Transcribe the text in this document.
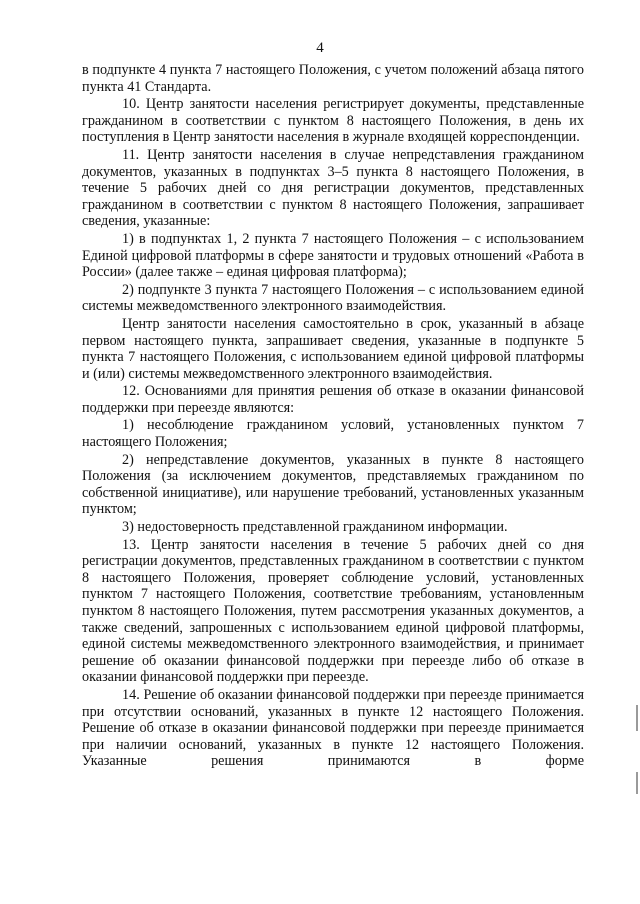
4

в подпункте 4 пункта 7 настоящего Положения, с учетом положений абзаца пятого пункта 41 Стандарта.

10. Центр занятости населения регистрирует документы, представленные гражданином в соответствии с пунктом 8 настоящего Положения, в день их поступления в Центр занятости населения в журнале входящей корреспонденции.

11. Центр занятости населения в случае непредставления гражданином документов, указанных в подпунктах 3–5 пункта 8 настоящего Положения, в течение 5 рабочих дней со дня регистрации документов, представленных гражданином в соответствии с пунктом 8 настоящего Положения, запрашивает сведения, указанные:

1) в подпунктах 1, 2 пункта 7 настоящего Положения – с использованием Единой цифровой платформы в сфере занятости и трудовых отношений «Работа в России» (далее также – единая цифровая платформа);

2) подпункте 3 пункта 7 настоящего Положения – с использованием единой системы межведомственного электронного взаимодействия.

Центр занятости населения самостоятельно в срок, указанный в абзаце первом настоящего пункта, запрашивает сведения, указанные в подпункте 5 пункта 7 настоящего Положения, с использованием единой цифровой платформы и (или) системы межведомственного электронного взаимодействия.

12. Основаниями для принятия решения об отказе в оказании финансовой поддержки при переезде являются:

1) несоблюдение гражданином условий, установленных пунктом 7 настоящего Положения;

2) непредставление документов, указанных в пункте 8 настоящего Положения (за исключением документов, представляемых гражданином по собственной инициативе), или нарушение требований, установленных указанным пунктом;

3) недостоверность представленной гражданином информации.

13. Центр занятости населения в течение 5 рабочих дней со дня регистрации документов, представленных гражданином в соответствии с пунктом 8 настоящего Положения, проверяет соблюдение условий, установленных пунктом 7 настоящего Положения, соответствие требованиям, установленным пунктом 8 настоящего Положения, путем рассмотрения указанных документов, а также сведений, запрошенных с использованием единой цифровой платформы, единой системы межведомственного электронного взаимодействия, и принимает решение об оказании финансовой поддержки при переезде либо об отказе в оказании финансовой поддержки при переезде.

14. Решение об оказании финансовой поддержки при переезде принимается при отсутствии оснований, указанных в пункте 12 настоящего Положения. Решение об отказе в оказании финансовой поддержки при переезде принимается при наличии оснований, указанных в пункте 12 настоящего Положения. Указанные решения принимаются в форме
